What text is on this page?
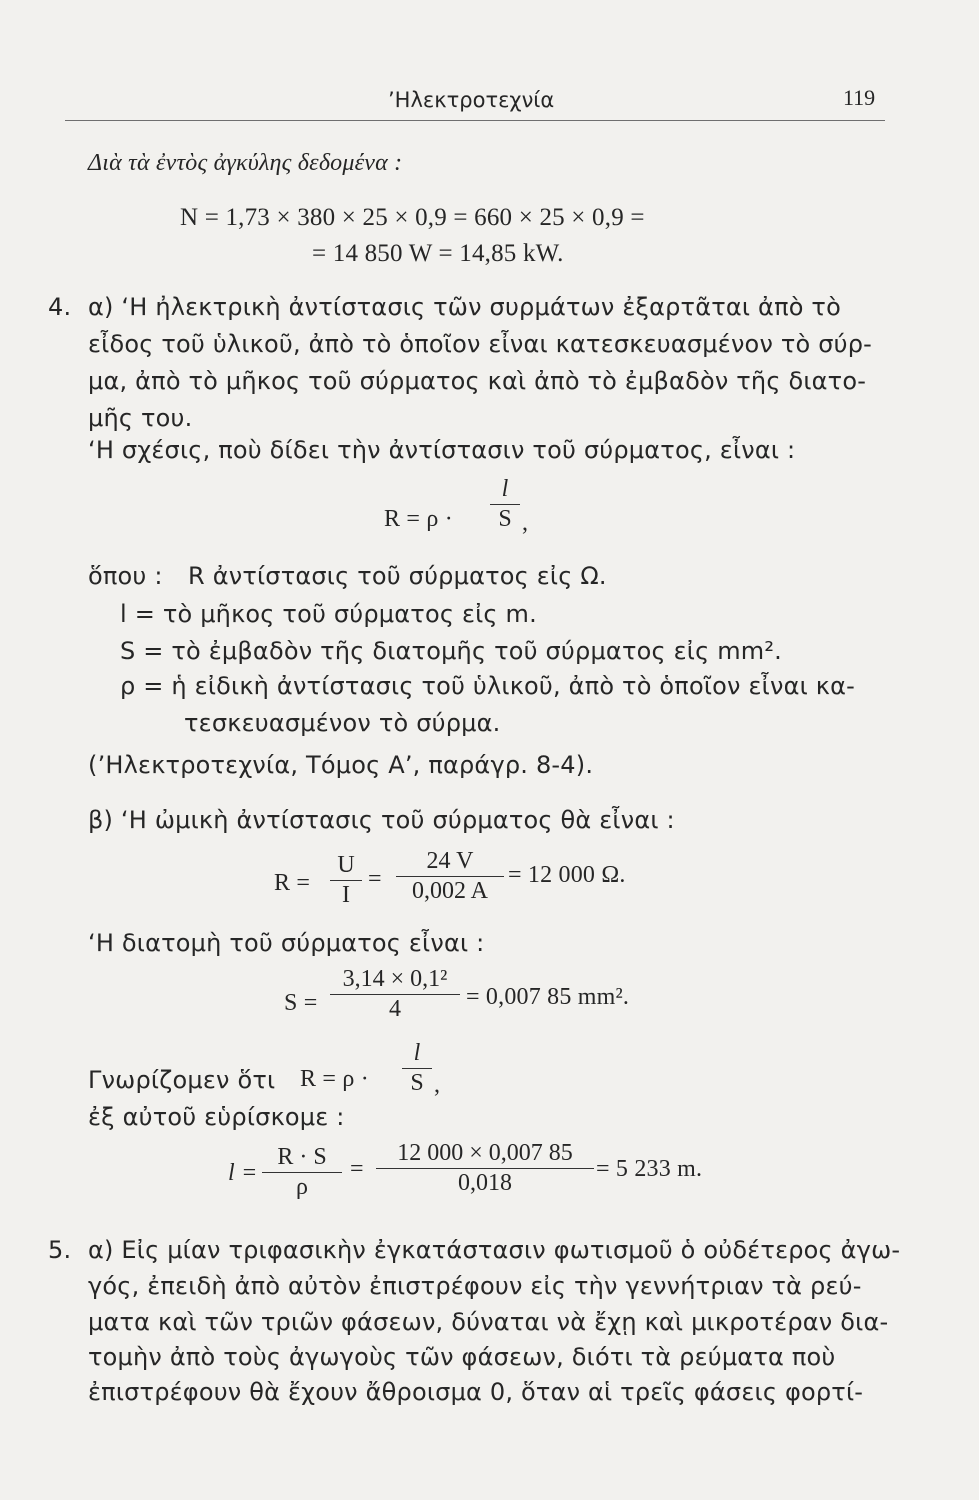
’Ηλεκτροτεχνία	119
Διὰ τὰ ἐντὸς ἀγκύλης δεδομένα :
N = 1,73 × 380 × 25 × 0,9 = 660 × 25 × 0,9 =
= 14 850 W = 14,85 kW.
4. α) ‘Η ἠλεκτρικὴ ἀντίστασις τῶν συρμάτων ἐξαρτᾶται ἀπὸ τὸ
εἶδος τοῦ ὑλικοῦ, ἀπὸ τὸ ὁποῖον εἶναι κατεσκευασμένον τὸ σύρ-
μα, ἀπὸ τὸ μῆκος τοῦ σύρματος καὶ ἀπὸ τὸ ἐμβαδὸν τῆς διατο-
μῆς του.
‘Η σχέσις, ποὺ δίδει τὴν ἀντίστασιν τοῦ σύρματος, εἶναι :
R = ρ ·
l
S ,
ὅπου : R ἀντίστασις τοῦ σύρματος εἰς Ω.
l = τὸ μῆκος τοῦ σύρματος εἰς m.
S = τὸ ἐμβαδὸν τῆς διατομῆς τοῦ σύρματος εἰς mm².
ρ = ἡ εἰδικὴ ἀντίστασις τοῦ ὑλικοῦ, ἀπὸ τὸ ὁποῖον εἶναι κα-
τεσκευασμένον τὸ σύρμα.
(’Ηλεκτροτεχνία, Τόμος Α’, παράγρ. 8-4).
β) ‘Η ὠμικὴ ἀντίστασις τοῦ σύρματος θὰ εἶναι :
R =
U
I
=
24 V
0,002 A
= 12 000 Ω.
‘Η διατομὴ τοῦ σύρματος εἶναι :
S =
3,14 × 0,1²
4	= 0,007 85 mm².
Γνωρίζομεν ὅτι R = ρ ·
l
S ,
ἐξ αὐτοῦ εὑρίσκομε :
l =
R · S
ρ
=
12 000 × 0,007 85
0,018
= 5 233 m.
5. α) Εἰς μίαν τριφασικὴν ἐγκατάστασιν φωτισμοῦ ὁ οὐδέτερος ἀγω-
γός, ἐπειδὴ ἀπὸ αὐτὸν ἐπιστρέφουν εἰς τὴν γεννήτριαν τὰ ρεύ-
ματα καὶ τῶν τριῶν φάσεων, δύναται νὰ ἔχῃ καὶ μικροτέραν δια-
τομὴν ἀπὸ τοὺς ἀγωγοὺς τῶν φάσεων, διότι τὰ ρεύματα ποὺ
ἐπιστρέφουν θὰ ἔχουν ἄθροισμα 0, ὅταν αἱ τρεῖς φάσεις φορτί-
